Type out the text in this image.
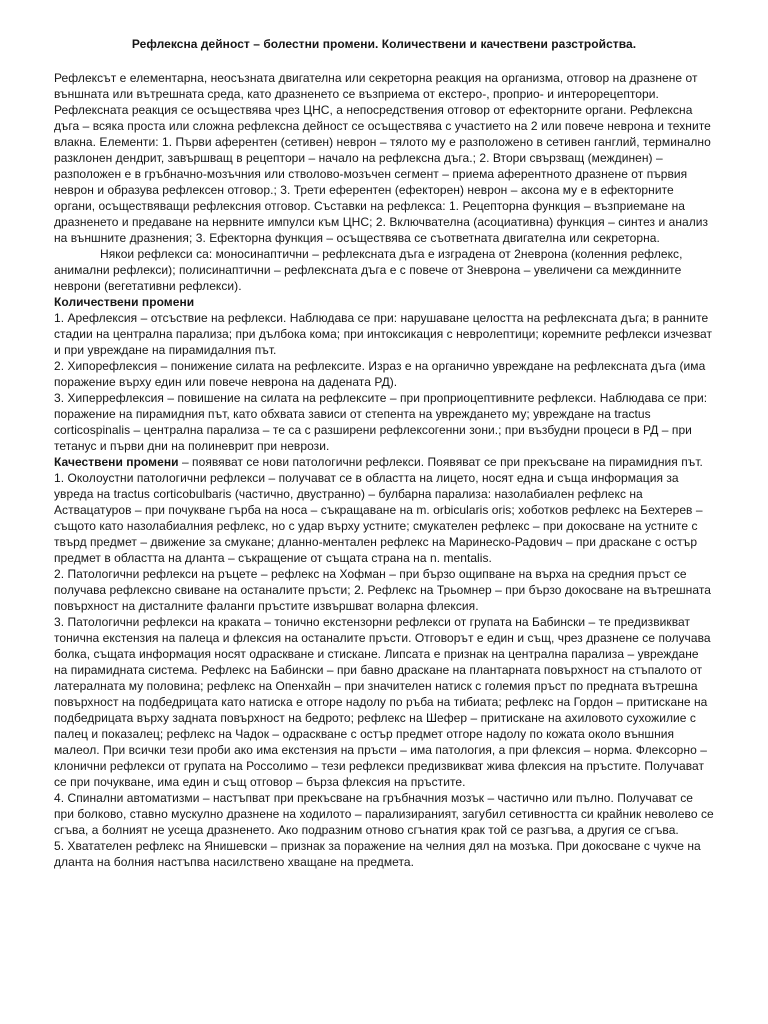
Рефлексна дейност – болестни промени. Количествени и качествени разстройства.

Рефлексът е елементарна, неосъзната двигателна или секреторна реакция на организма, отговор на дразнене от външната или вътрешната среда, като дразненето се възприема от екстеро-, проприо- и интерорецептори. Рефлексната реакция се осъществява чрез ЦНС, а непосредствения отговор от ефекторните органи. Рефлексна дъга – всяка проста или сложна рефлексна дейност се осъществява с участието на 2 или повече неврона и техните влакна. Елементи: 1. Първи аферентен (сетивен) неврон – тялото му е разположено в сетивен ганглий, терминално разклонен дендрит, завършващ в рецептори – начало на рефлексна дъга.; 2. Втори свързващ (междинен) – разположен е в гръбначно-мозъчния или стволово-мозъчен сегмент – приема аферентното дразнене от първия неврон и образува рефлексен отговор.; 3. Трети еферентен (ефекторен) неврон – аксона му е в ефекторните органи, осъществяващи рефлексния отговор. Съставки на рефлекса: 1. Рецепторна функция – възприемане на дразненето и предаване на нервните импулси към ЦНС; 2. Включвателна (асоциативна) функция – синтез и анализ на външните дразнения; 3. Ефекторна функция – осъществява се съответната двигателна или секреторна.

Някои рефлекси са: моносинаптични – рефлексната дъга е изградена от 2неврона (коленния рефлекс, анимални рефлекси); полисинаптични – рефлексната дъга е с повече от 3неврона – увеличени са междинните неврони (вегетативни рефлекси).

Количествени промени

1. Арефлексия – отсъствие на рефлекси. Наблюдава се при: нарушаване целостта на рефлексната дъга; в ранните стадии на централна парализа; при дълбока кома; при интоксикация с невролептици; коремните рефлекси изчезват и при увреждане на пирамидалния път.

2. Хипорефлексия – понижение силата на рефлексите. Израз е на органично увреждане на рефлексната дъга (има поражение върху един или повече неврона на дадената РД).

3. Хиперрефлексия – повишение на силата на рефлексите – при проприоцептивните рефлекси. Наблюдава се при: поражение на пирамидния път, като обхвата зависи от степента на увреждането му; увреждане на tractus corticospinalis – централна парализа – те са с разширени рефлексогенни зони.; при възбудни процеси в РД – при тетанус и първи дни на полиневрит при неврози.

Качествени промени – появяват се нови патологични рефлекси. Появяват се при прекъсване на пирамидния път.

1. Околоустни патологични рефлекси – получават се в областта на лицето, носят една и съща информация за увреда на tractus corticobulbaris (частично, двустранно) – булбарна парализа: назолабиален рефлекс на Аствацатуров – при почукване гърба на носа – съкращаване на m. orbicularis oris; хоботков рефлекс на Бехтерев – същото като назолабиалния рефлекс, но с удар върху устните; смукателен рефлекс – при докосване на устните с твърд предмет – движение за смукане; дланно-ментален рефлекс на Маринеско-Радович – при драскане с остър предмет в областта на дланта – съкращение от същата страна на n. mentalis.

2. Патологични рефлекси на ръцете – рефлекс на Хофман – при бързо ощипване на върха на средния пръст се получава рефлексно свиване на останалите пръсти; 2. Рефлекс на Трьомнер – при бързо докосване на вътрешната повърхност на дисталните фаланги пръстите извършват воларна флексия.

3. Патологични рефлекси на краката – тонично екстензорни рефлекси от групата на Бабински – те предизвикват тонична екстензия на палеца и флексия на останалите пръсти. Отговорът е един и същ, чрез дразнене се получава болка, същата информация носят одраскване и стискане. Липсата е признак на централна парализа – увреждане на пирамидната система. Рефлекс на Бабински – при бавно драскане на плантарната повърхност на стъпалото от латералната му половина; рефлекс на Опенхайн – при значителен натиск с големия пръст по предната вътрешна повърхност на подбедрицата като натиска е отгоре надолу по ръба на тибиата; рефлекс на Гордон – притискане на подбедрицата върху задната повърхност на бедрото; рефлекс на Шефер – притискане на ахиловото сухожилие с палец и показалец; рефлекс на Чадок – одраскване с остър предмет отгоре надолу по кожата около външния малеол. При всички тези проби ако има екстензия на пръсти – има патология, а при флексия – норма. Флексорно – клонични рефлекси от групата на Россолимо – тези рефлекси предизвикват жива флексия на пръстите. Получават се при почукване, има един и същ отговор – бърза флексия на пръстите.

4. Спинални автоматизми – настъпват при прекъсване на гръбначния мозък – частично или пълно. Получават се при болково, ставно мускулно дразнене на ходилото – парализираният, загубил сетивността си крайник неволево се сгъва, а болният не усеща дразненето. Ако подразним отново сгънатия крак той се разгъва, а другия се сгъва.

5. Хватателен рефлекс на Янишевски – признак за поражение на челния дял на мозъка. При докосване с чукче на дланта на болния настъпва насилствено хващане на предмета.
